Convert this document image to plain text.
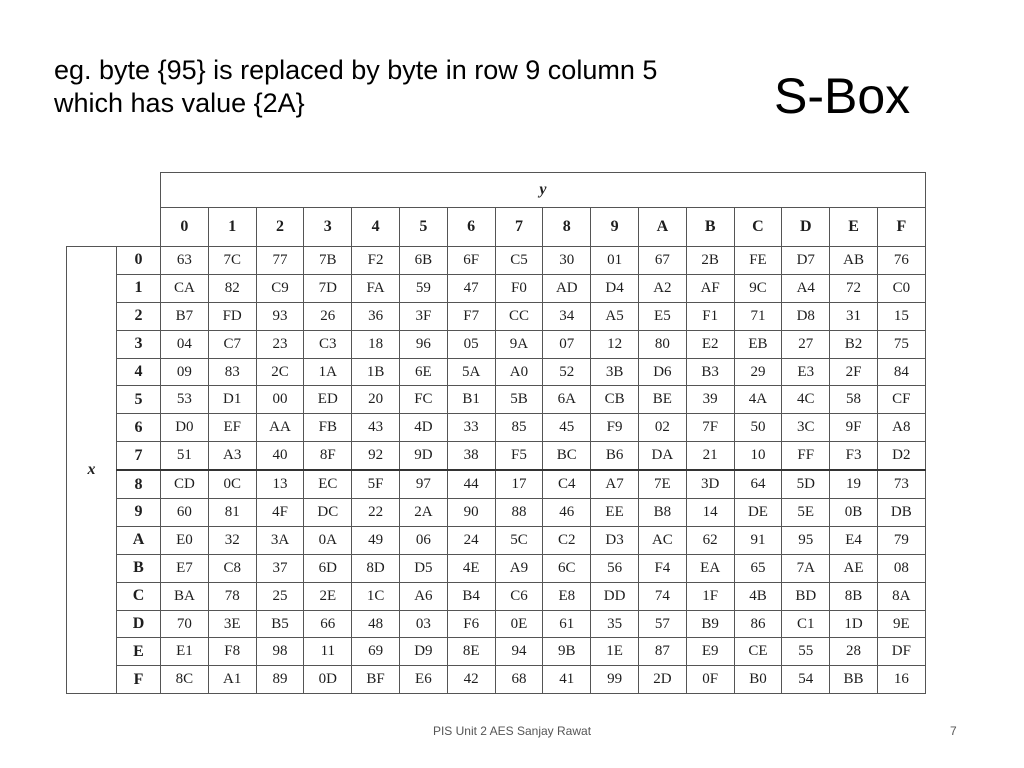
eg. byte {95} is replaced by byte in row 9 column 5
which has value {2A}	S-Box
		y															
		0	1	2	3	4	5	6	7	8	9	A	B	C	D	E	F
x	0	63	7C	77	7B	F2	6B	6F	C5	30	01	67	2B	FE	D7	AB	76
	1	CA	82	C9	7D	FA	59	47	F0	AD	D4	A2	AF	9C	A4	72	C0
	2	B7	FD	93	26	36	3F	F7	CC	34	A5	E5	F1	71	D8	31	15
	3	04	C7	23	C3	18	96	05	9A	07	12	80	E2	EB	27	B2	75
	4	09	83	2C	1A	1B	6E	5A	A0	52	3B	D6	B3	29	E3	2F	84
	5	53	D1	00	ED	20	FC	B1	5B	6A	CB	BE	39	4A	4C	58	CF
	6	D0	EF	AA	FB	43	4D	33	85	45	F9	02	7F	50	3C	9F	A8
	7	51	A3	40	8F	92	9D	38	F5	BC	B6	DA	21	10	FF	F3	D2
	8	CD	0C	13	EC	5F	97	44	17	C4	A7	7E	3D	64	5D	19	73
	9	60	81	4F	DC	22	2A	90	88	46	EE	B8	14	DE	5E	0B	DB
	A	E0	32	3A	0A	49	06	24	5C	C2	D3	AC	62	91	95	E4	79
	B	E7	C8	37	6D	8D	D5	4E	A9	6C	56	F4	EA	65	7A	AE	08
	C	BA	78	25	2E	1C	A6	B4	C6	E8	DD	74	1F	4B	BD	8B	8A
	D	70	3E	B5	66	48	03	F6	0E	61	35	57	B9	86	C1	1D	9E
	E	E1	F8	98	11	69	D9	8E	94	9B	1E	87	E9	CE	55	28	DF
	F	8C	A1	89	0D	BF	E6	42	68	41	99	2D	0F	B0	54	BB	16
PIS Unit 2 AES Sanjay Rawat	7
